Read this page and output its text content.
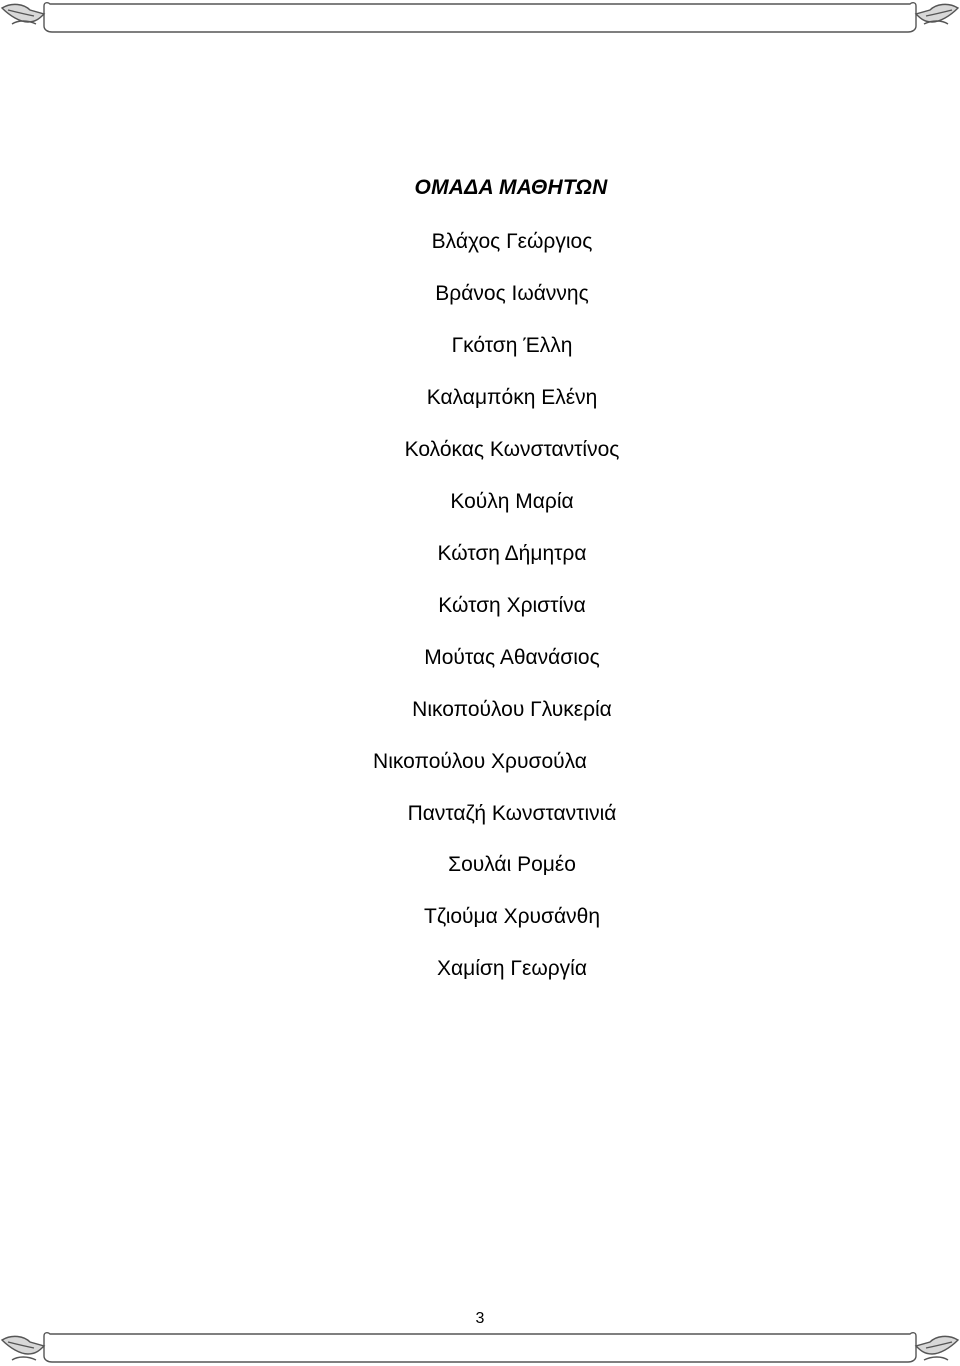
ΟΜΑΔΑ ΜΑΘΗΤΩΝ
Βλάχος Γεώργιος
Βράνος Ιωάννης
Γκότση Έλλη
Καλαμπόκη Ελένη
Κολόκας Κωνσταντίνος
Κούλη Μαρία
Κώτση Δήμητρα
Κώτση Χριστίνα
Μούτας Αθανάσιος
Νικοπούλου Γλυκερία
Νικοπούλου Χρυσούλα
Πανταζή Κωνσταντινιά
Σουλάι Ρομέο
Τζιούμα Χρυσάνθη
Χαμίση Γεωργία
3
